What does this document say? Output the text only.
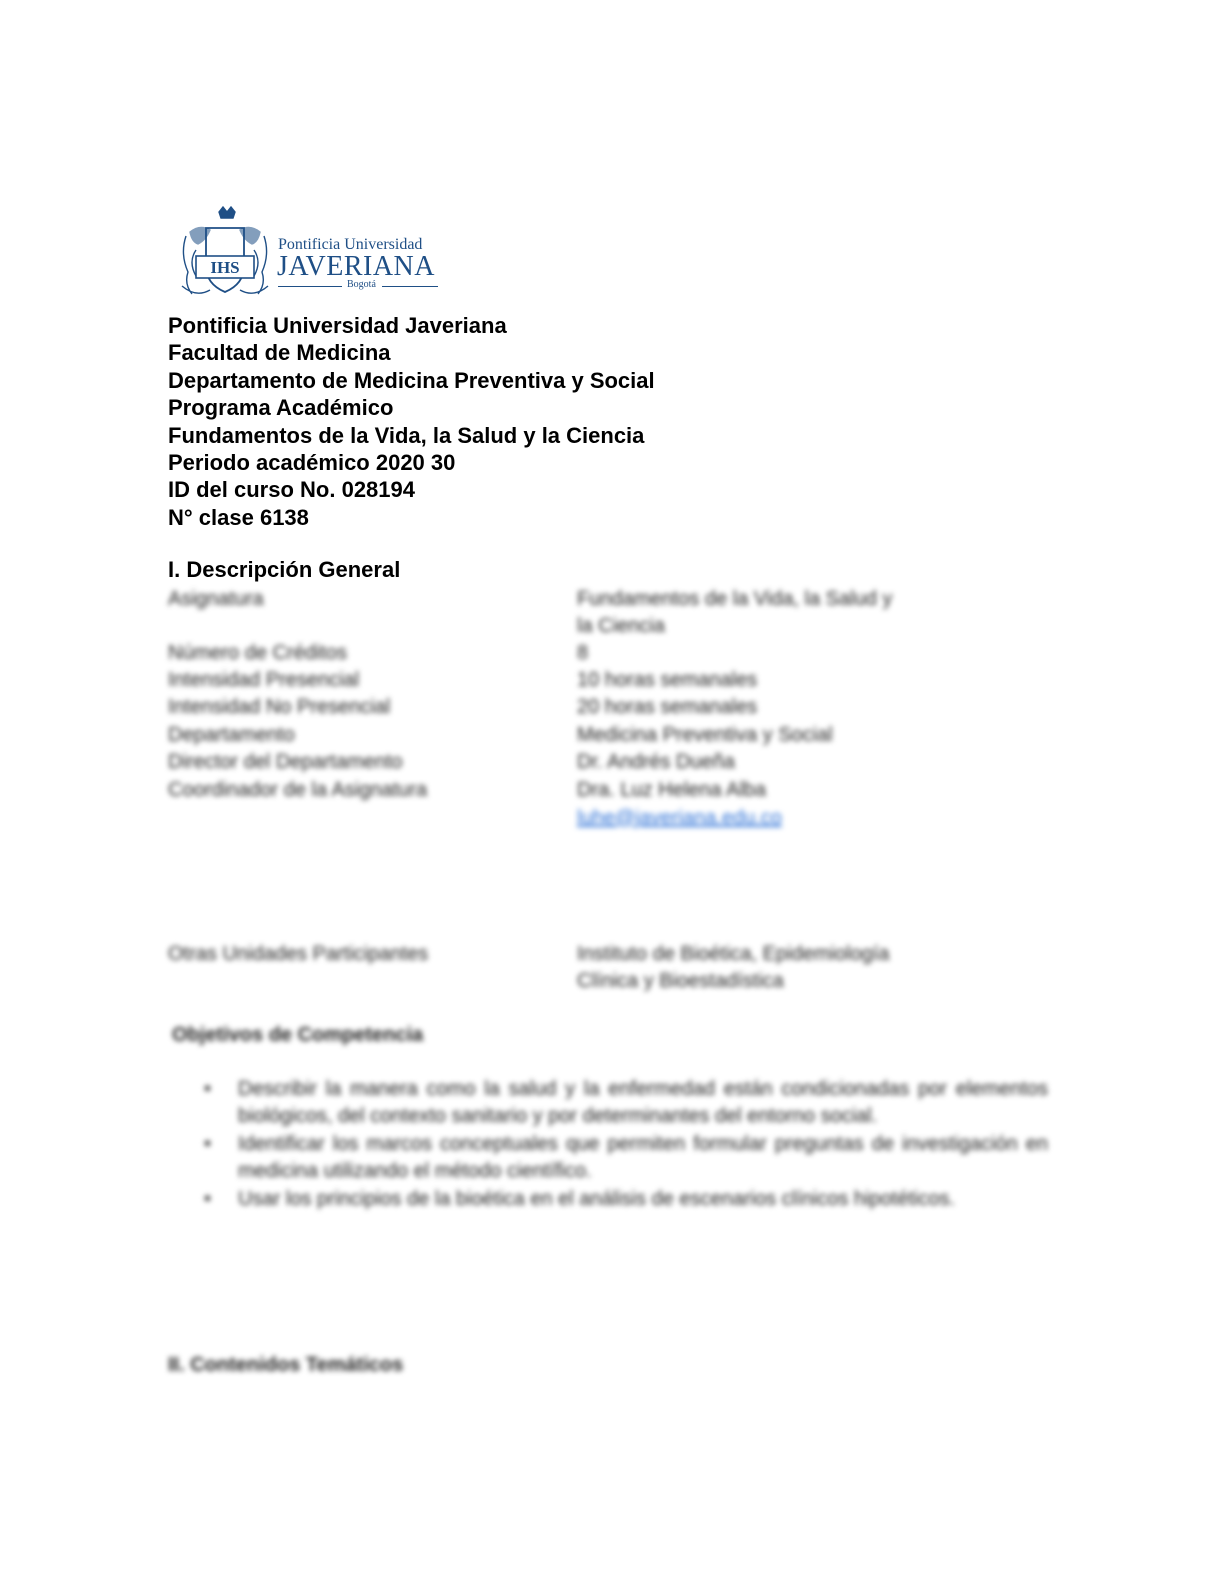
IHS
Pontificia Universidad
JAVERIANA
Bogotá
Pontificia Universidad Javeriana
Facultad de Medicina
Departamento de Medicina Preventiva y Social
Programa Académico
Fundamentos de la Vida, la Salud y la Ciencia
Periodo académico 2020 30
ID del curso No. 028194
N° clase 6138
I. Descripción General
Asignatura	Fundamentos de la Vida, la Salud y
la Ciencia
Número de Créditos	8
Intensidad Presencial	10 horas semanales
Intensidad No Presencial	20 horas semanales
Departamento	Medicina Preventiva y Social
Director del Departamento	Dr. Andrés Dueña
Coordinador de la Asignatura	Dra. Luz Helena Alba
luhe@javeriana.edu.co
Otras Unidades Participantes	Instituto de Bioética, Epidemiología
Clínica y Bioestadística
Objetivos de Competencia
• Describir la manera como la salud y la enfermedad están condicionadas por elementos biológicos, del contexto sanitario y por determinantes del entorno social.
• Identificar los marcos conceptuales que permiten formular preguntas de investigación en medicina utilizando el método científico.
• Usar los principios de la bioética en el análisis de escenarios clínicos hipotéticos.
II. Contenidos Temáticos
